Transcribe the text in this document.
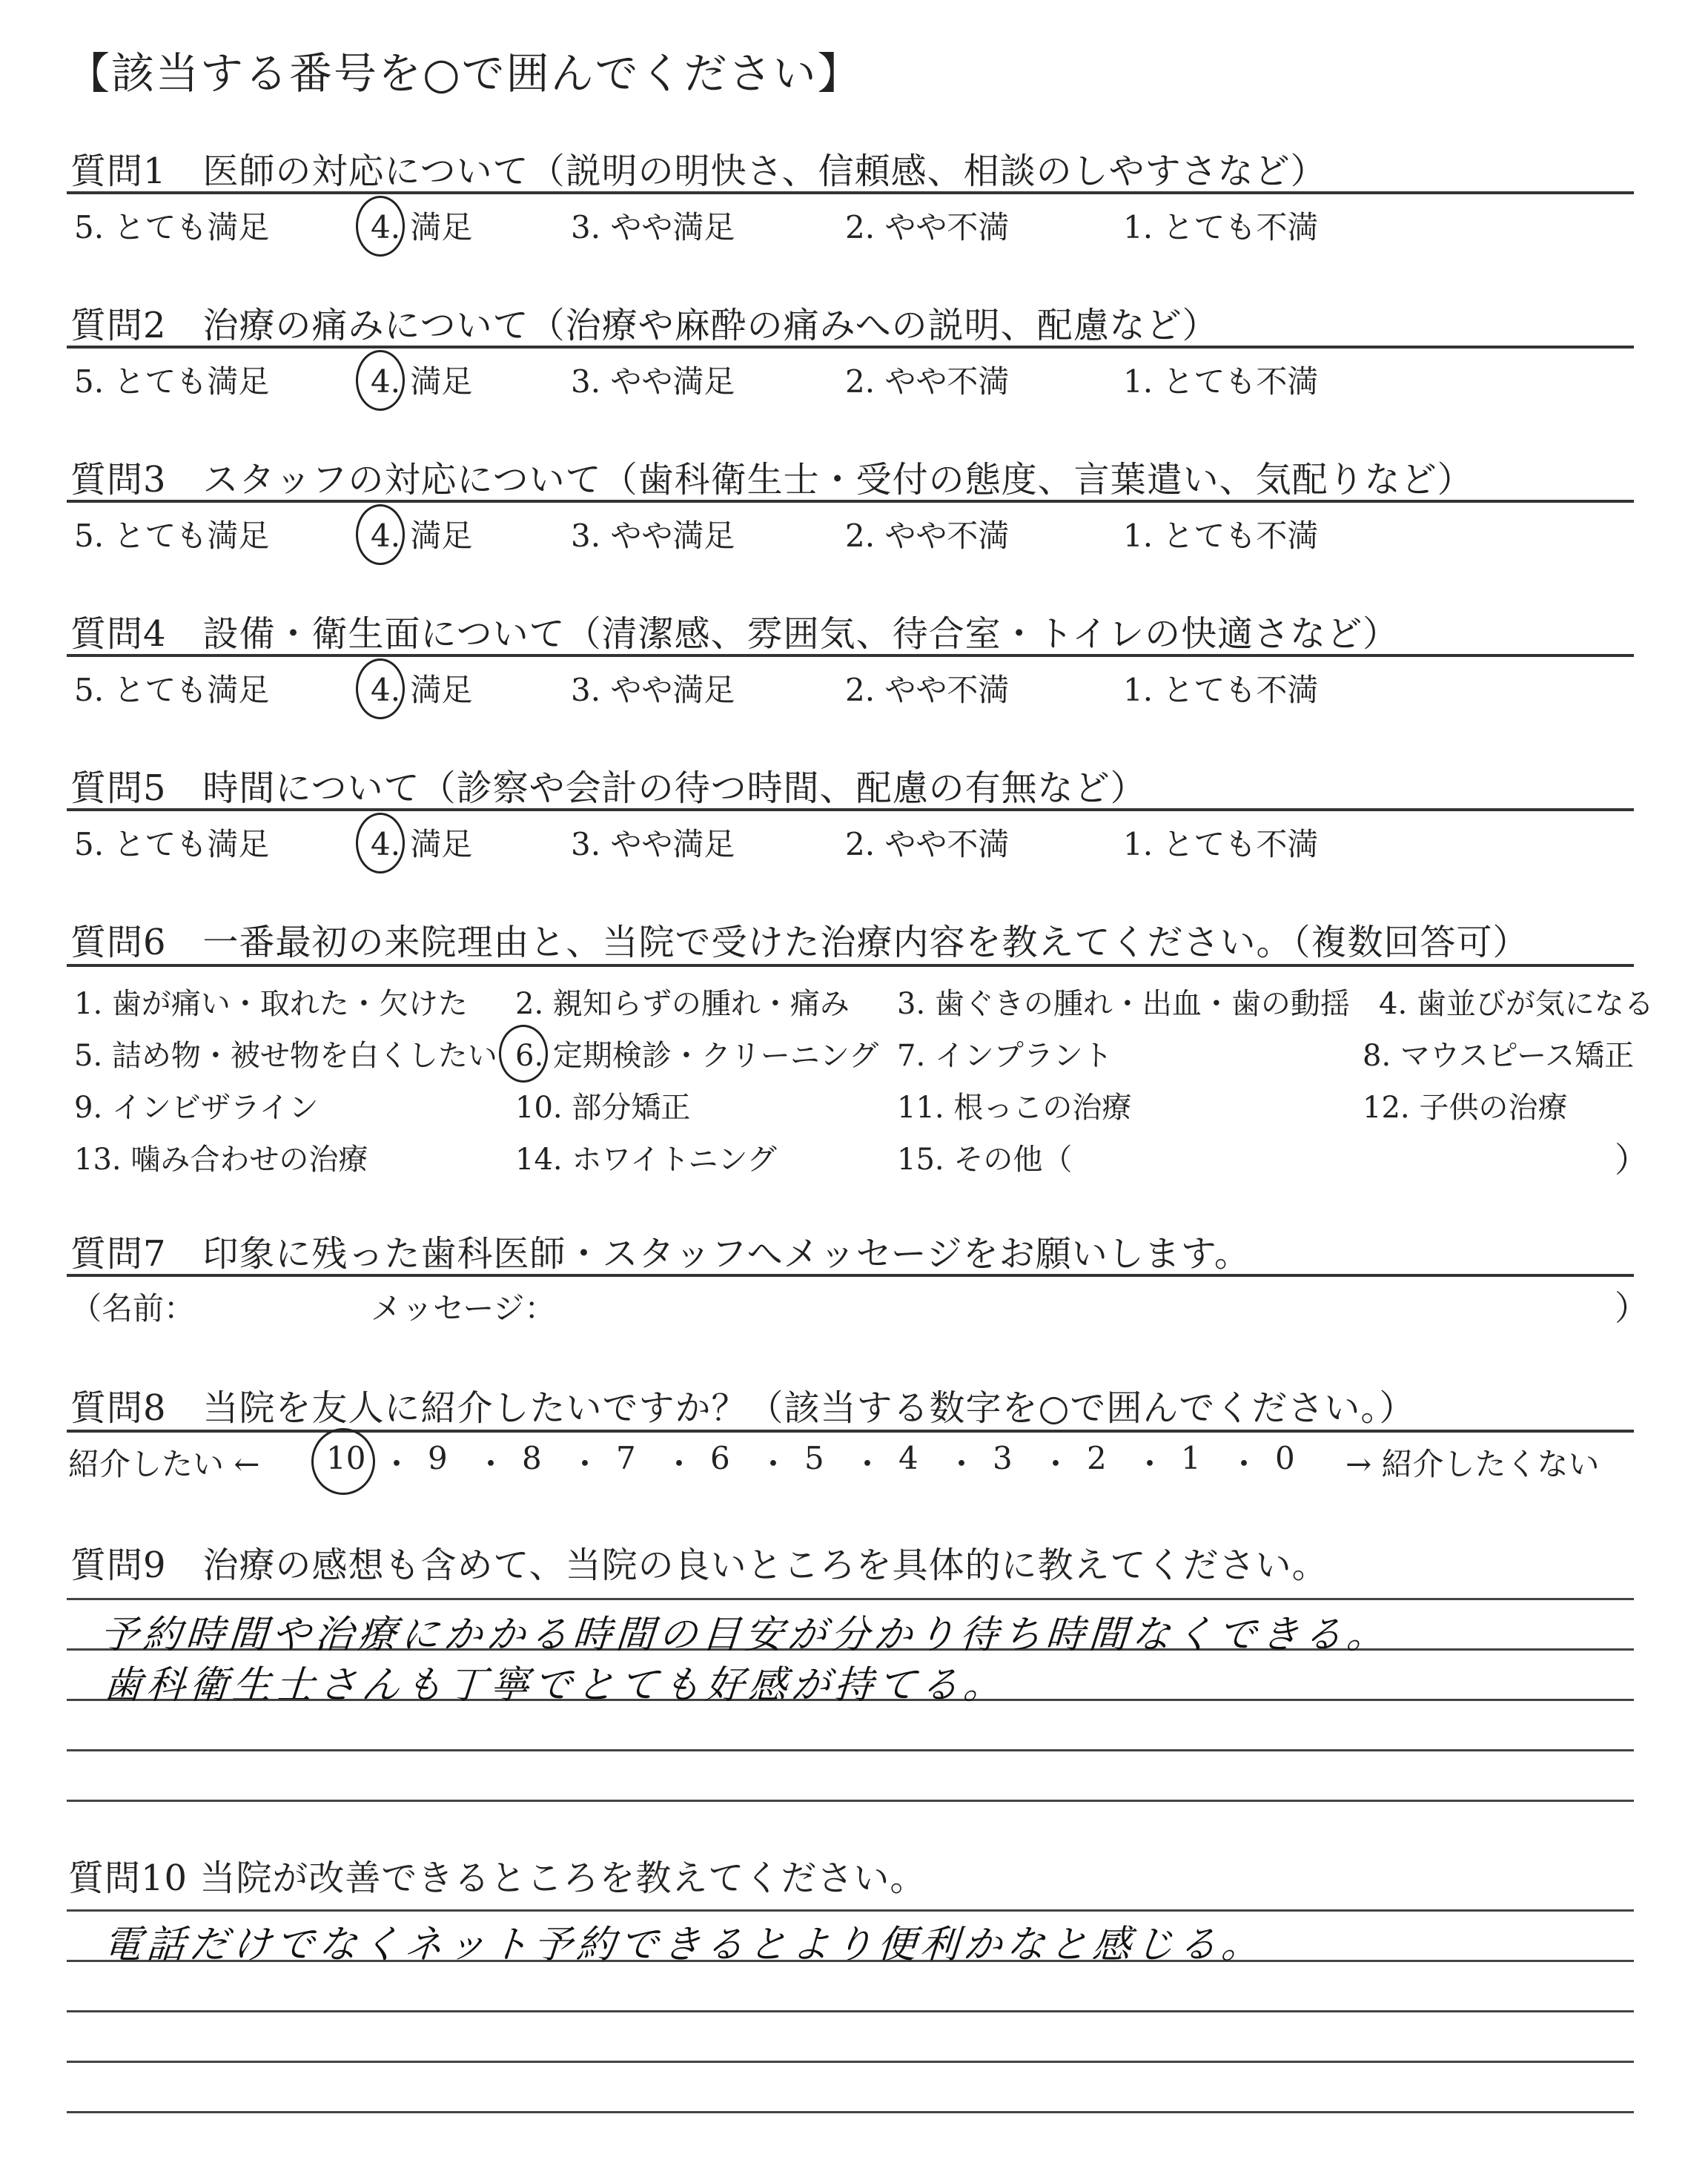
【該当する番号を○で囲んでください】
質問1　医師の対応について（説明の明快さ、信頼感、相談のしやすさなど）
5. とても満足	4. 満足	3. やや満足	2. やや不満	1. とても不満
質問2　治療の痛みについて（治療や麻酔の痛みへの説明、配慮など）
5. とても満足	4. 満足	3. やや満足	2. やや不満	1. とても不満
質問3　スタッフの対応について（歯科衛生士・受付の態度、言葉遣い、気配りなど）
5. とても満足	4. 満足	3. やや満足	2. やや不満	1. とても不満
質問4　設備・衛生面について（清潔感、雰囲気、待合室・トイレの快適さなど）
5. とても満足	4. 満足	3. やや満足	2. やや不満	1. とても不満
質問5　時間について（診察や会計の待つ時間、配慮の有無など）
5. とても満足	4. 満足	3. やや満足	2. やや不満	1. とても不満
質問6　一番最初の来院理由と、当院で受けた治療内容を教えてください。（複数回答可）
1. 歯が痛い・取れた・欠けた 2. 親知らずの腫れ・痛み 3. 歯ぐきの腫れ・出血・歯の動揺 4. 歯並びが気になる
5. 詰め物・被せ物を白くしたい 6. 定期検診・クリーニング 7. インプラント	8. マウスピース矯正
9. インビザライン	10. 部分矯正	11. 根っこの治療	12. 子供の治療
13. 噛み合わせの治療	14. ホワイトニング	15. その他（	）
質問7　印象に残った歯科医師・スタッフへメッセージをお願いします。
（名前：	メッセージ：	）
質問8　当院を友人に紹介したいですか？（該当する数字を○で囲んでください。）
紹介したい ← 10 ・ 9 ・ 8 ・ 7 ・ 6 ・ 5 ・ 4 ・ 3 ・ 2 ・ 1 ・ 0 → 紹介したくない
質問9　治療の感想も含めて、当院の良いところを具体的に教えてください。
予約時間や治療にかかる時間の目安が分かり待ち時間なくできる。
歯科衛生士さんも丁寧でとても好感が持てる。
質問10 当院が改善できるところを教えてください。
電話だけでなくネット予約できるとより便利かなと感じる。
